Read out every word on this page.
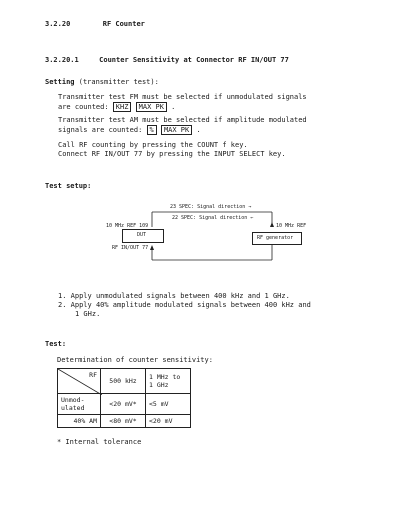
3.2.20	RF Counter
3.2.20.1	Counter Sensitivity at Connector RF IN/OUT 77
Setting (transmitter test):
Transmitter test FM must be selected if unmodulated signals
are counted: KHZ MAX PK .
Transmitter test AM must be selected if amplitude modulated
signals are counted: % MAX PK .
Call RF counting by pressing the COUNT f key.
Connect RF IN/OUT 77 by pressing the INPUT SELECT key.
Test setup:
23 SPEC: Signal direction →
22 SPEC: Signal direction ←
10 MHz REF 109	10 MHz REF
RF IN/OUT 77
DUT	RF generator
1. Apply unmodulated signals between 400 kHz and 1 GHz.
2. Apply 40% amplitude modulated signals between 400 kHz and
1 GHz.
Test:
Determination of counter sensitivity:
RF	500 kHz	1 MHz to
1 GHz

Unmod-
ulated	<20 mV*	<5 mV
40% AM	<80 mV*	<20 mV
* Internal tolerance
